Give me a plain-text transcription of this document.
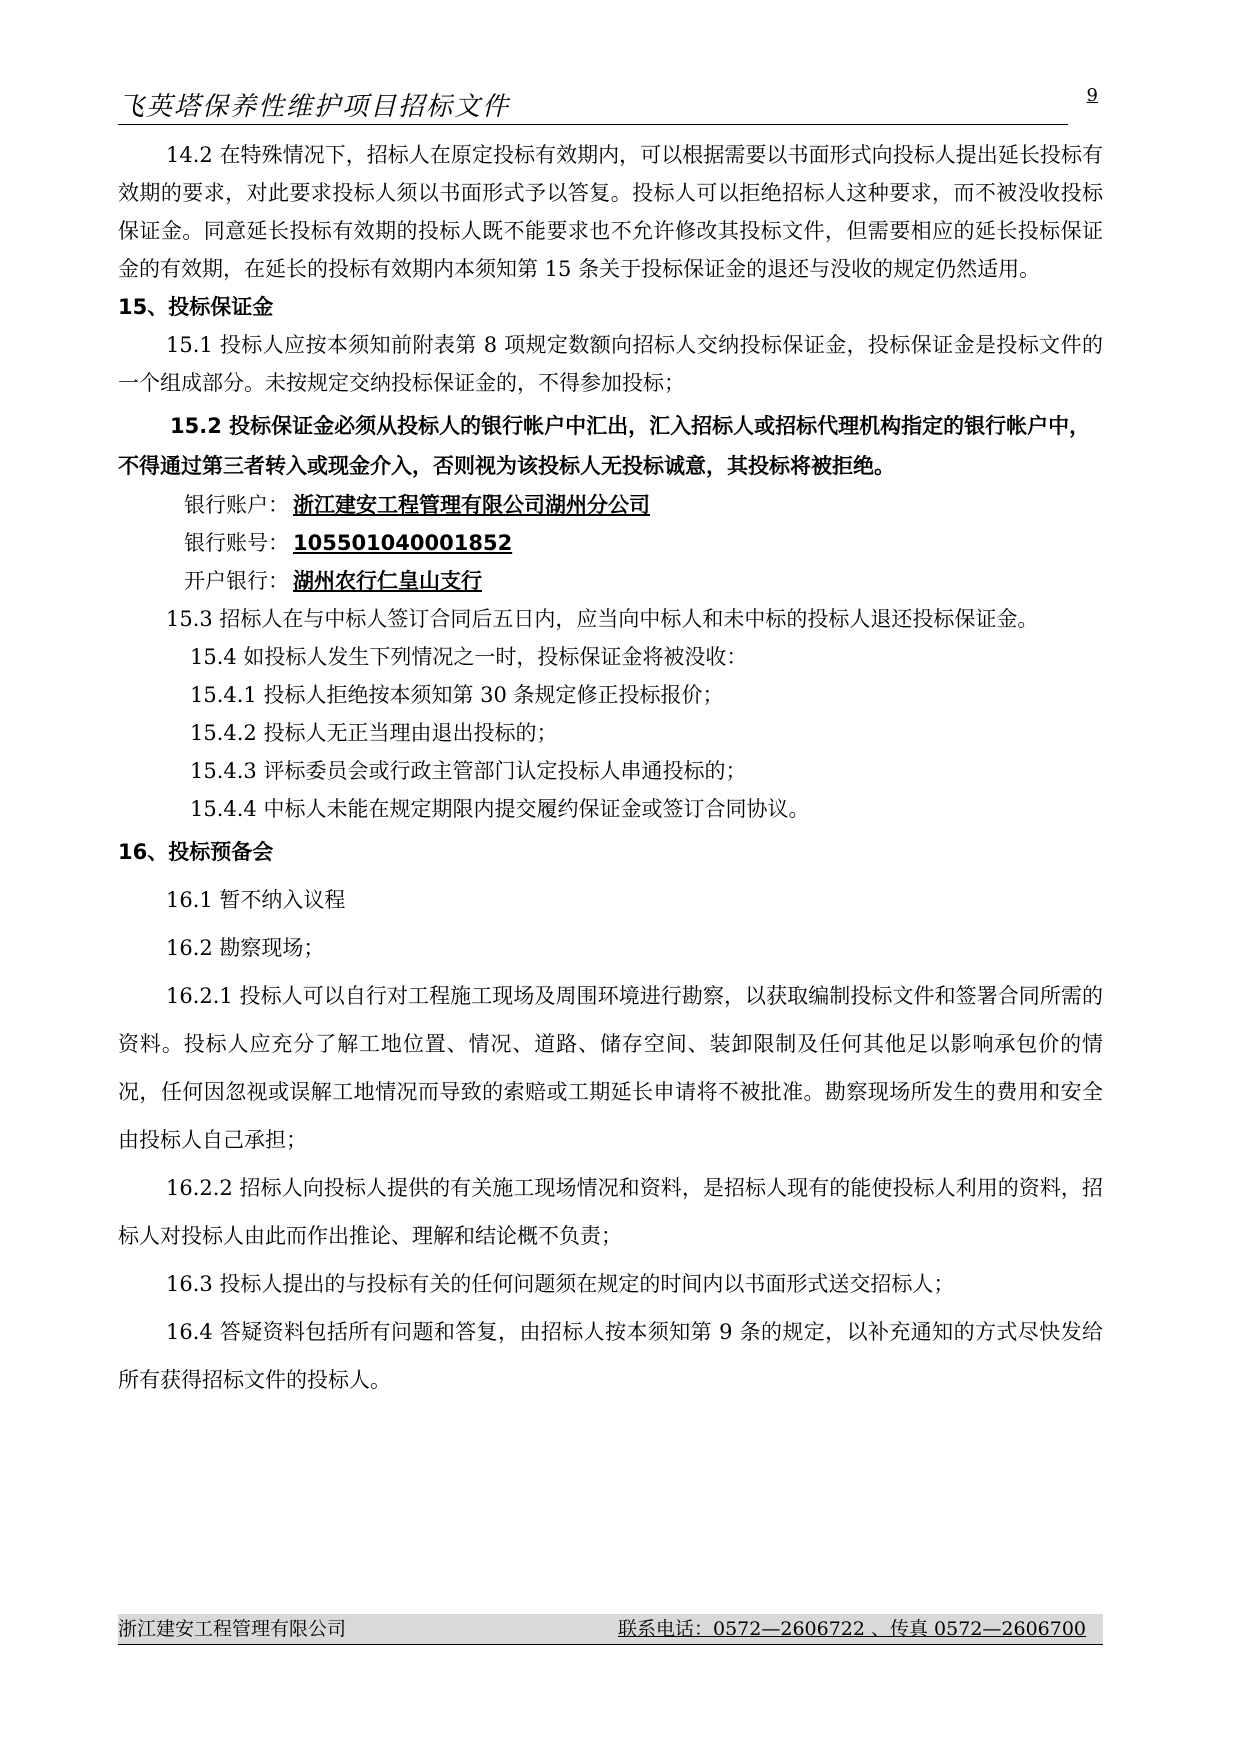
飞英塔保养性维护项目招标文件	9

14.2 在特殊情况下，招标人在原定投标有效期内，可以根据需要以书面形式向投标人提出延长投标有效期的要求，对此要求投标人须以书面形式予以答复。投标人可以拒绝招标人这种要求，而不被没收投标保证金。同意延长投标有效期的投标人既不能要求也不允许修改其投标文件，但需要相应的延长投标保证金的有效期，在延长的投标有效期内本须知第 15 条关于投标保证金的退还与没收的规定仍然适用。

15、投标保证金

15.1 投标人应按本须知前附表第 8 项规定数额向招标人交纳投标保证金，投标保证金是投标文件的一个组成部分。未按规定交纳投标保证金的，不得参加投标；

15.2 投标保证金必须从投标人的银行帐户中汇出，汇入招标人或招标代理机构指定的银行帐户中，不得通过第三者转入或现金介入，否则视为该投标人无投标诚意，其投标将被拒绝。

银行账户： 浙江建安工程管理有限公司湖州分公司

银行账号： 105501040001852

开户银行： 湖州农行仁皇山支行

15.3 招标人在与中标人签订合同后五日内，应当向中标人和未中标的投标人退还投标保证金。

15.4 如投标人发生下列情况之一时，投标保证金将被没收：

15.4.1 投标人拒绝按本须知第 30 条规定修正投标报价；

15.4.2 投标人无正当理由退出投标的；

15.4.3 评标委员会或行政主管部门认定投标人串通投标的；

15.4.4 中标人未能在规定期限内提交履约保证金或签订合同协议。

16、投标预备会

16.1 暂不纳入议程

16.2 勘察现场；

16.2.1 投标人可以自行对工程施工现场及周围环境进行勘察，以获取编制投标文件和签署合同所需的资料。投标人应充分了解工地位置、情况、道路、储存空间、装卸限制及任何其他足以影响承包价的情况，任何因忽视或误解工地情况而导致的索赔或工期延长申请将不被批准。勘察现场所发生的费用和安全由投标人自己承担；

16.2.2 招标人向投标人提供的有关施工现场情况和资料，是招标人现有的能使投标人利用的资料，招标人对投标人由此而作出推论、理解和结论概不负责；

16.3 投标人提出的与投标有关的任何问题须在规定的时间内以书面形式送交招标人；

16.4 答疑资料包括所有问题和答复，由招标人按本须知第 9 条的规定，以补充通知的方式尽快发给所有获得招标文件的投标人。

浙江建安工程管理有限公司	联系电话：0572—2606722 、传真 0572—2606700
